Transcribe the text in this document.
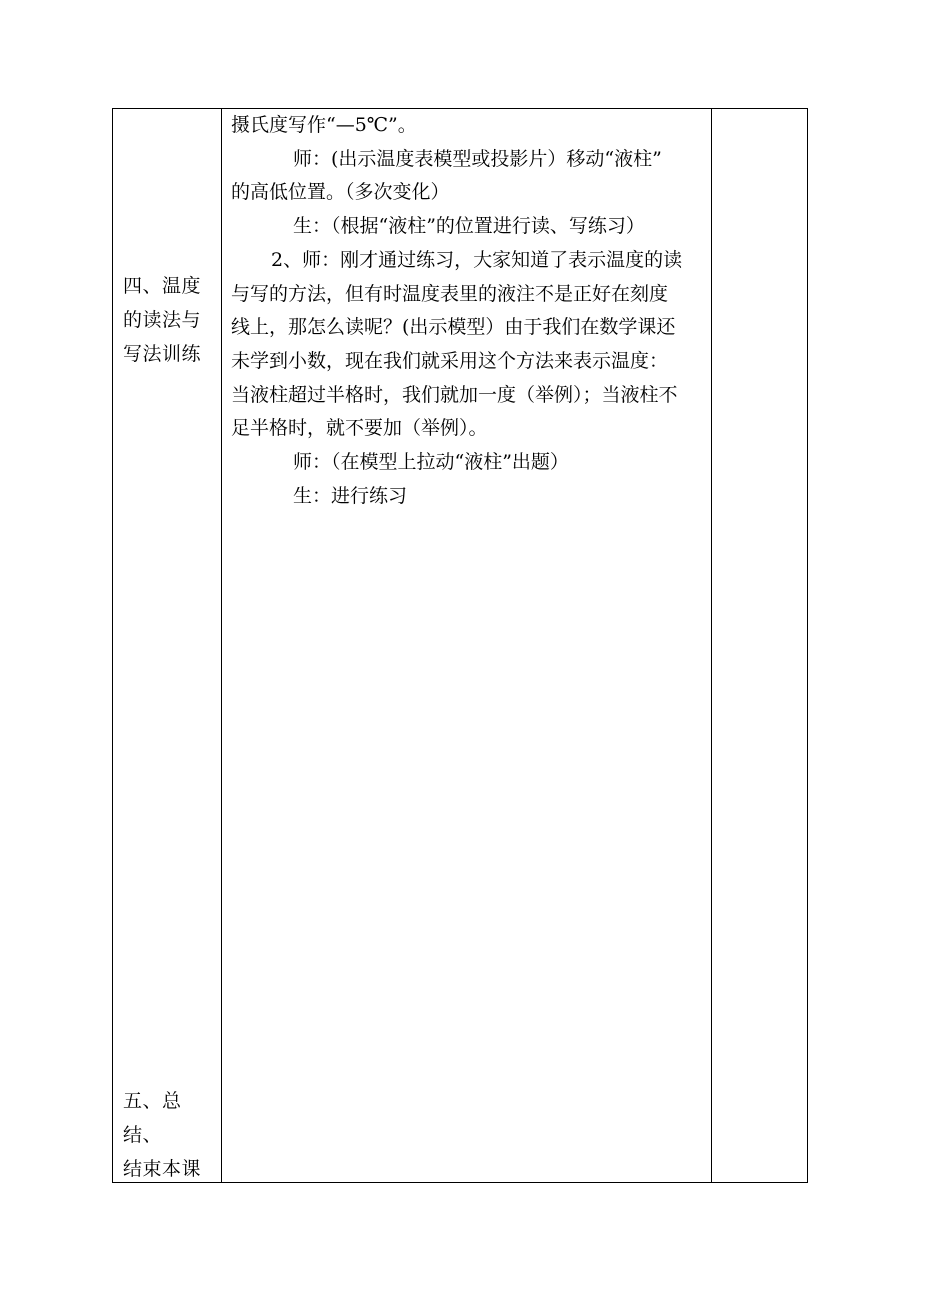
四、温度
的读法与
写法训练
五、总结、
结束本课

摄氏度写作“—5℃”。

师：(出示温度表模型或投影片）移动“液柱”

的高低位置。（多次变化）

生：（根据“液柱”的位置进行读、写练习）

2、师：刚才通过练习，大家知道了表示温度的读

与写的方法，但有时温度表里的液注不是正好在刻度

线上，那怎么读呢？(出示模型）由于我们在数学课还

未学到小数，现在我们就采用这个方法来表示温度：

当液柱超过半格时，我们就加一度（举例）；当液柱不

足半格时，就不要加（举例）。

师：（在模型上拉动“液柱”出题）

生：进行练习
